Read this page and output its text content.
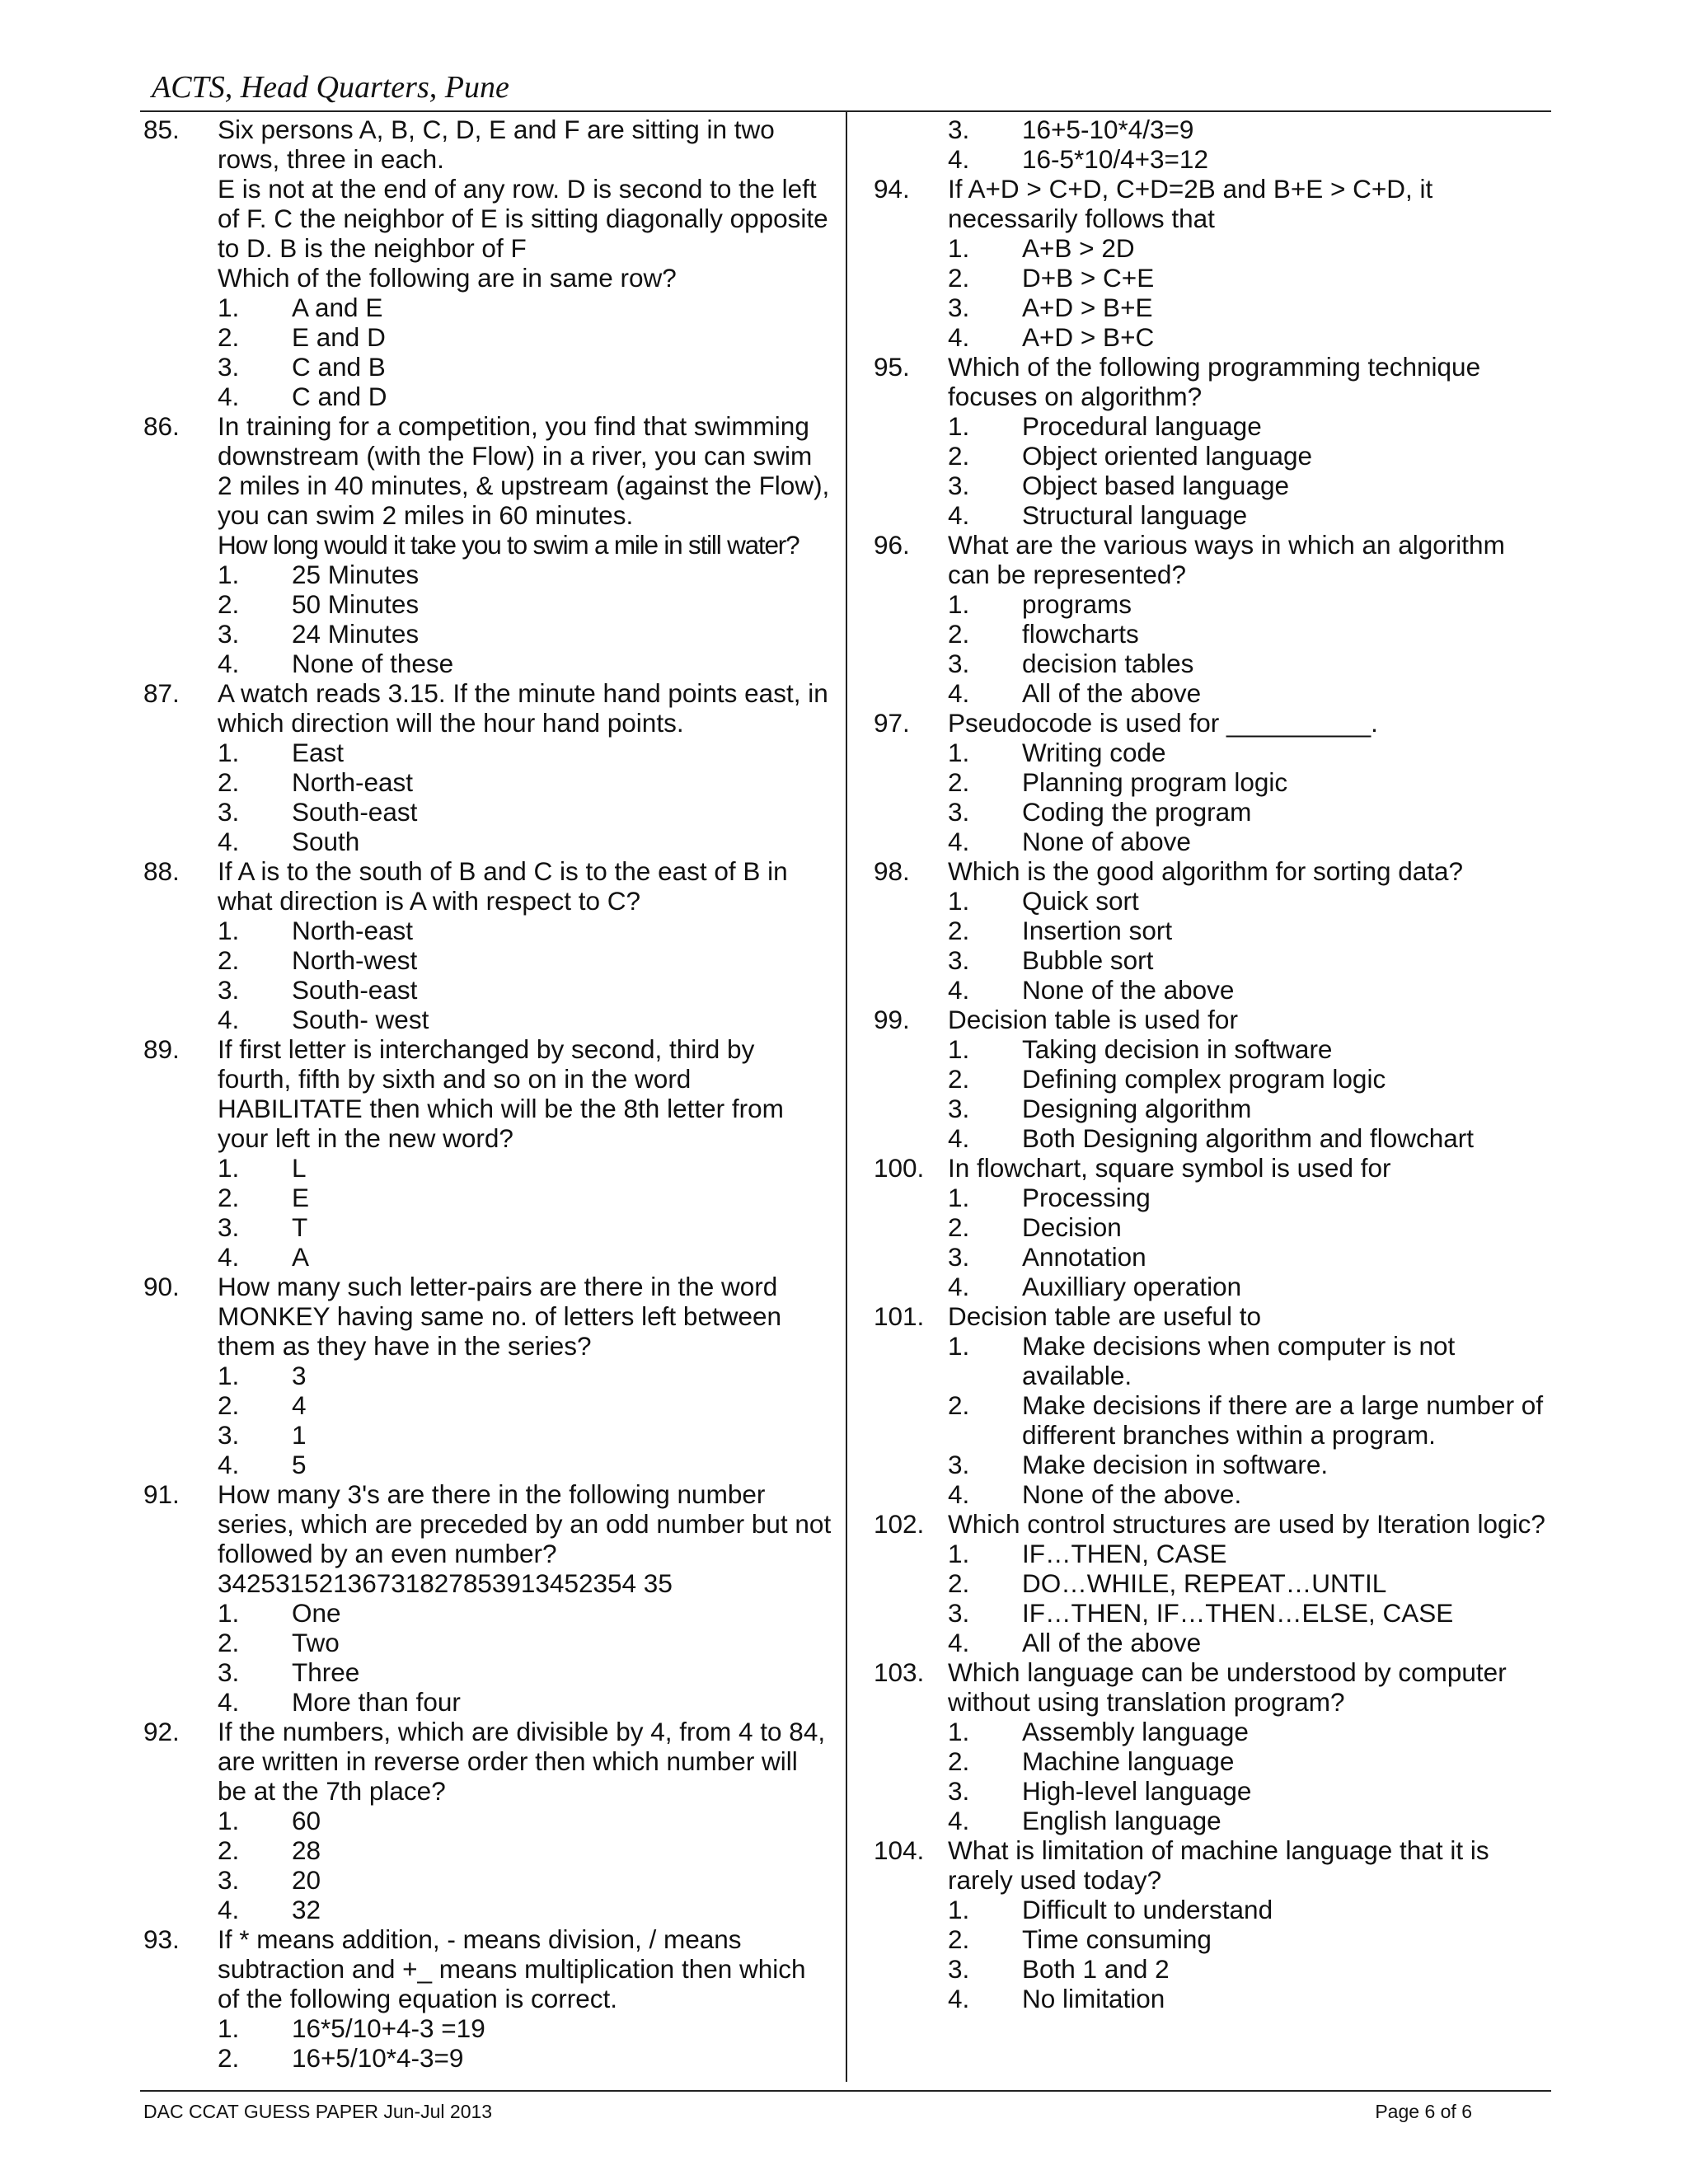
ACTS, Head Quarters, Pune
85.	Six persons A, B, C, D, E and F are sitting in two rows, three in each.
E is not at the end of any row. D is second to the left of F. C the neighbor of E is sitting diagonally opposite to D. B is the neighbor of F
Which of the following are in same row?
1.	A and E
2.	E and D
3.	C and B
4.	C and D
86.	In training for a competition, you find that swimming downstream (with the Flow) in a river, you can swim 2 miles in 40 minutes, & upstream (against the Flow), you can swim 2 miles in 60 minutes.
How long would it take you to swim a mile in still water?
1.	25 Minutes
2.	50 Minutes
3.	24 Minutes
4.	None of these
87.	A watch reads 3.15. If the minute hand points east, in which direction will the hour hand points.
1.	East
2.	North-east
3.	South-east
4.	South
88.	If A is to the south of B and C is to the east of B in what direction is A with respect to C?
1.	North-east
2.	North-west
3.	South-east
4.	South- west
89.	If first letter is interchanged by second, third by fourth, fifth by sixth and so on in the word HABILITATE then which will be the 8th letter from your left in the new word?
1.	L
2.	E
3.	T
4.	A
90.	How many such letter-pairs are there in the word MONKEY having same no. of letters left between them as they have in the series?
1.	3
2.	4
3.	1
4.	5
91.	How many 3's are there in the following number series, which are preceded by an odd number but not followed by an even number?
34253152136731827853913452354 35
1.	One
2.	Two
3.	Three
4.	More than four
92.	If the numbers, which are divisible by 4, from 4 to 84, are written in reverse order then which number will be at the 7th place?
1.	60
2.	28
3.	20
4.	32
93.	If * means addition, - means division, / means subtraction and +_ means multiplication then which of the following equation is correct.
1.	16*5/10+4-3 =19
2.	16+5/10*4-3=9
3.	16+5-10*4/3=9
4.	16-5*10/4+3=12
94.	If A+D > C+D, C+D=2B and B+E > C+D, it necessarily follows that
1.	A+B > 2D
2.	D+B > C+E
3.	A+D > B+E
4.	A+D > B+C
95.	Which of the following programming technique focuses on algorithm?
1.	Procedural language
2.	Object oriented language
3.	Object based language
4.	Structural language
96.	What are the various ways in which an algorithm can be represented?
1.	programs
2.	flowcharts
3.	decision tables
4.	All of the above
97.	Pseudocode is used for __________.
1.	Writing code
2.	Planning program logic
3.	Coding the program
4.	None of above
98.	Which is the good algorithm for sorting data?
1.	Quick sort
2.	Insertion sort
3.	Bubble sort
4.	None of the above
99.	Decision table is used for
1.	Taking decision in software
2.	Defining complex program logic
3.	Designing algorithm
4.	Both Designing algorithm and flowchart
100. In flowchart, square symbol is used for
1.	Processing
2.	Decision
3.	Annotation
4.	Auxilliary operation
101. Decision table are useful to
1.	Make decisions when computer is not available.
2.	Make decisions if there are a large number of different branches within a program.
3.	Make decision in software.
4.	None of the above.
102. Which control structures are used by Iteration logic?
1.	IF…THEN, CASE
2.	DO…WHILE, REPEAT…UNTIL
3.	IF…THEN, IF…THEN…ELSE, CASE
4.	All of the above
103. Which language can be understood by computer without using translation program?
1.	Assembly language
2.	Machine language
3.	High-level language
4.	English language
104. What is limitation of machine language that it is rarely used today?
1.	Difficult to understand
2.	Time consuming
3.	Both 1 and 2
4.	No limitation
DAC CCAT GUESS PAPER Jun-Jul 2013	Page 6 of 6
